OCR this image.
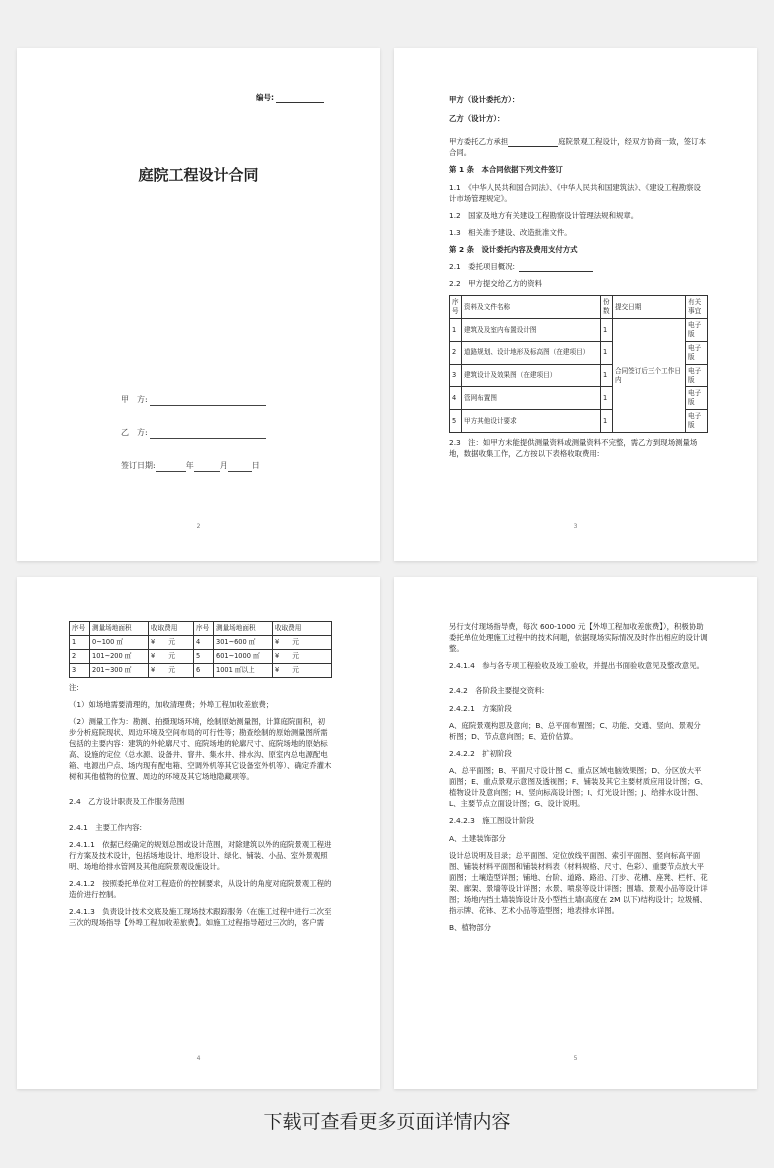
编号:
庭院工程设计合同
甲　方:
乙　方:
签订日期:	年	月	日
2

甲方（设计委托方）：

乙方（设计方）：

甲方委托乙方承担	庭院景观工程设计，经双方协商一致，签订本合同。

第 1 条　本合同依据下列文件签订

1.1　《中华人民共和国合同法》、《中华人民共和国建筑法》、《建设工程勘察设计市场管理规定》。

1.2　国家及地方有关建设工程勘察设计管理法规和规章。

1.3　相关准予建设、改造批准文件。

第 2 条　设计委托内容及费用支付方式

2.1　委托项目概况:

2.2　甲方提交给乙方的资料

序号	资料及文件名称	份数	提交日期	有关事宜
1	建筑及及室内布置设计图	1	合同签订后三个工作日内	电子版
2	道路规划、设计地形及标高图（在建项目）	1		电子版
3	建筑设计及效果图（在建项目）	1		电子版
4	管网布置图	1		电子版
5	甲方其他设计要求	1		电子版

2.3　注：如甲方未能提供测量资料或测量资料不完整，需乙方到现场测量场地，数据收集工作，乙方按以下表格收取费用:

3
序号	测量场地面积	收取费用	序号	测量场地面积	收取费用
1	0~100 ㎡	¥　　元	4	301~600 ㎡	¥　　元
2	101~200 ㎡	¥　　元	5	601~1000 ㎡	¥　　元
3	201~300 ㎡	¥　　元	6	1001 ㎡以上	¥　　元

注:

（1）如场地需要清理的，加收清理费；外埠工程加收差旅费；

（2）测量工作为：勘测、拍摄现场环境，绘制原始测量图，计算庭院面积，初步分析庭院现状、周边环境及空间布局的可行性等；勘查绘制的原始测量图所需包括的主要内容：建筑的外轮廓尺寸、庭院场地的轮廓尺寸、庭院场地的原始标高、设施的定位（总水源、设备井、窨井、集水井、排水沟、原室内总电源配电箱、电源出户点、场内现有配电箱、空调外机等其它设备室外机等）、确定乔灌木树和其他植物的位置、周边的环境及其它场地隐藏项等。

2.4　乙方设计职责及工作服务范围

2.4.1　主要工作内容:

2.4.1.1　依据已经确定的规划总图或设计范围，对除建筑以外的庭院景观工程进行方案及技术设计，包括场地设计、地形设计、绿化、铺装、小品、室外景观照明、场地给排水管网及其他庭院景观设施设计。

2.4.1.2　按照委托单位对工程造价的控制要求，从设计的角度对庭院景观工程的造价进行控制。

2.4.1.3　负责设计技术交底及施工现场技术跟踪服务（在施工过程中进行二次至三次的现场指导【外埠工程加收差旅费】。如施工过程指导超过三次的，客户需

4

另行支付现场指导费，每次 600-1000 元【外埠工程加收差旅费】），积极协助委托单位处理施工过程中的技术问题，依据现场实际情况及时作出相应的设计调整。

2.4.1.4　参与各专项工程验收及竣工验收，并提出书面验收意见及整改意见。

2.4.2　各阶段主要提交资料:

2.4.2.1　方案阶段

A、庭院景观构思及意向；B、总平面布置图；C、功能、交通、竖向、景观分析图；D、节点意向图；E、造价估算。

2.4.2.2　扩初阶段

A、总平面图；B、平面尺寸设计图 C、重点区域电脑效果图；D、分区放大平面图；E、重点景观示意图及透视图；F、铺装及其它主要材质应用设计图；G、植物设计及意向图；H、竖向标高设计图；I、灯光设计图；J、给排水设计图、L、主要节点立面设计图；G、设计说明。

2.4.2.3　施工图设计阶段

A、土建装饰部分

设计总说明及目录；总平面图、定位放线平面图、索引平面图、竖向标高平面图、铺装材料平面图和铺装材料表（材料规格、尺寸、色彩）、重要节点放大平面图；土壤造型详图；铺地、台阶、道路、路沿、汀步、花槽、座凳、栏杆、花架、廊架、景墙等设计详图；水景、喷泉等设计详图；围墙、景观小品等设计详图；场地内挡土墙装饰设计及小型挡土墙(高度在 2M 以下)结构设计；垃圾桶、指示牌、花钵、艺术小品等造型图；地表排水详图。

B、植物部分

5
下载可查看更多页面详情内容
